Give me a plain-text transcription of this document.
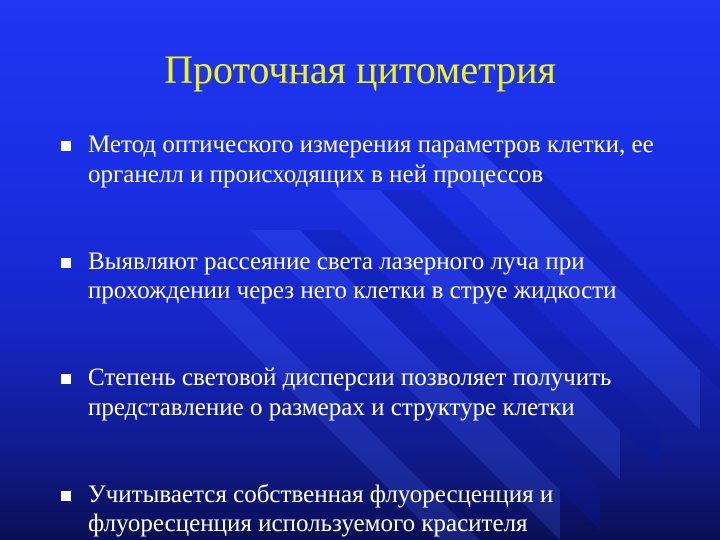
Проточная цитометрия
Метод оптического измерения параметров клетки, ее органелл и происходящих в ней процессов
Выявляют рассеяние света лазерного луча при прохождении через него клетки в струе жидкости
Степень световой дисперсии позволяет получить представление о размерах и структуре клетки
Учитывается собственная флуоресценция и флуоресценция используемого красителя
